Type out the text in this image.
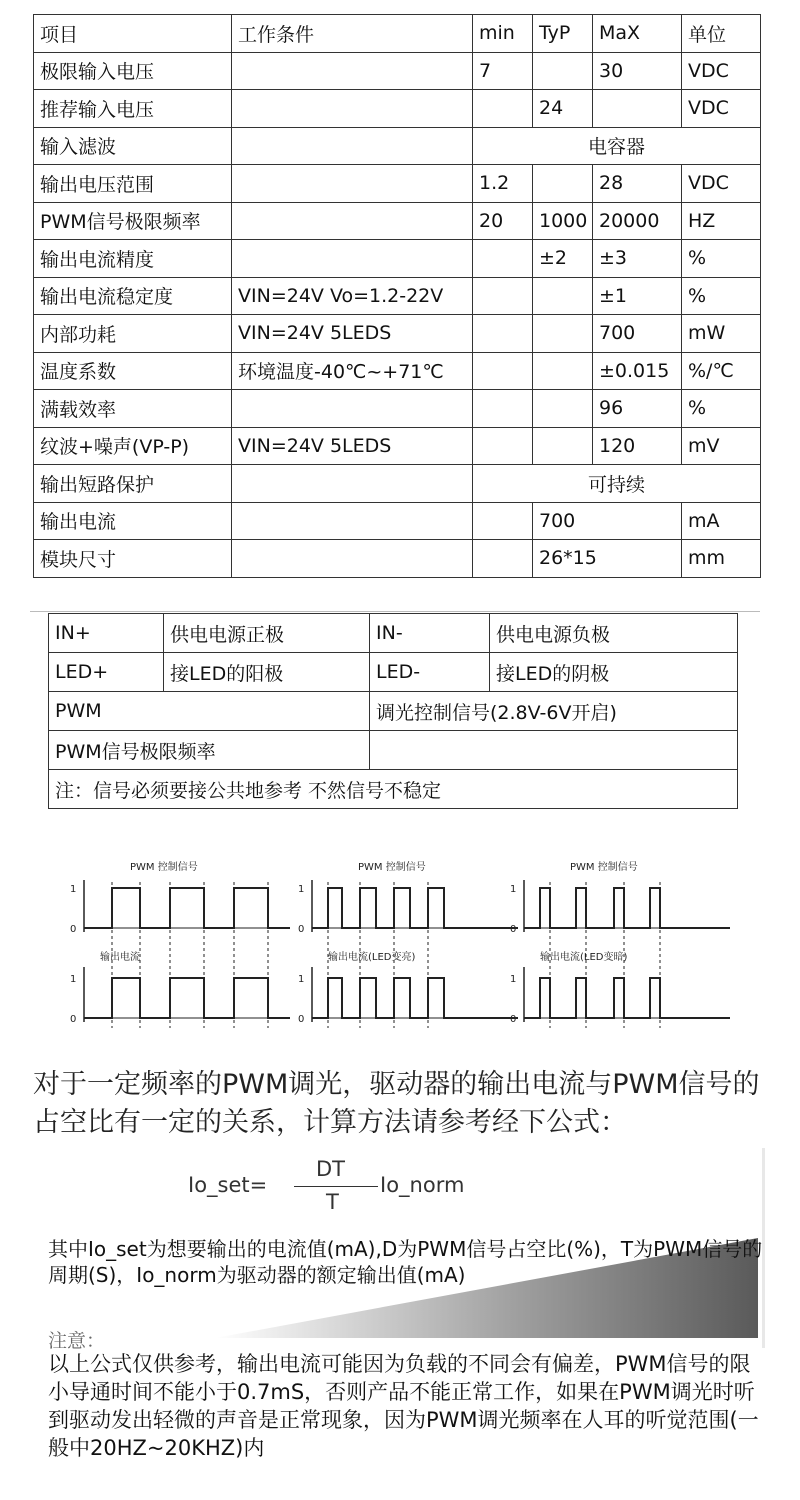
项目	工作条件	min	TyP	MaX	单位
极限输入电压		7		30	VDC
推荐输入电压			24		VDC
输入滤波		电容器			
输出电压范围		1.2		28	VDC
PWM信号极限频率		20	1000	20000	HZ
输出电流精度			±2	±3	%
输出电流稳定度	VIN=24V Vo=1.2-22V			±1	%
内部功耗	VIN=24V 5LEDS			700	mW
温度系数	环境温度-40℃~+71℃			±0.015	%/℃
满载效率				96	%
纹波+噪声(VP-P)	VIN=24V 5LEDS			120	mV
输出短路保护		可持续			
输出电流			700		mA
模块尺寸			26*15		mm
IN+	供电电源正极	IN-	供电电源负极
LED+	接LED的阳极	LED-	接LED的阴极
PWM		调光控制信号(2.8V-6V开启)	
PWM信号极限频率			
注：信号必须要接公共地参考 不然信号不稳定			
PWM 控制信号
1
0
输出电流
1
0
PWM 控制信号
1
0
输出电流(LED变亮)
1
0
PWM 控制信号
1
0
输出电流(LED变暗)
1
0
对于一定频率的PWM调光，驱动器的输出电流与PWM信号的占空比有一定的关系，计算方法请参考经下公式：
Io_set=
DT
T
Io_norm
其中Io_set为想要输出的电流值(mA),D为PWM信号占空比(%)，T为PWM信号的周期(S)，Io_norm为驱动器的额定输出值(mA)
注意：
以上公式仅供参考，输出电流可能因为负载的不同会有偏差，PWM信号的限小导通时间不能小于0.7mS，否则产品不能正常工作，如果在PWM调光时听到驱动发出轻微的声音是正常现象，因为PWM调光频率在人耳的听觉范围(一般中20HZ~20KHZ)内
